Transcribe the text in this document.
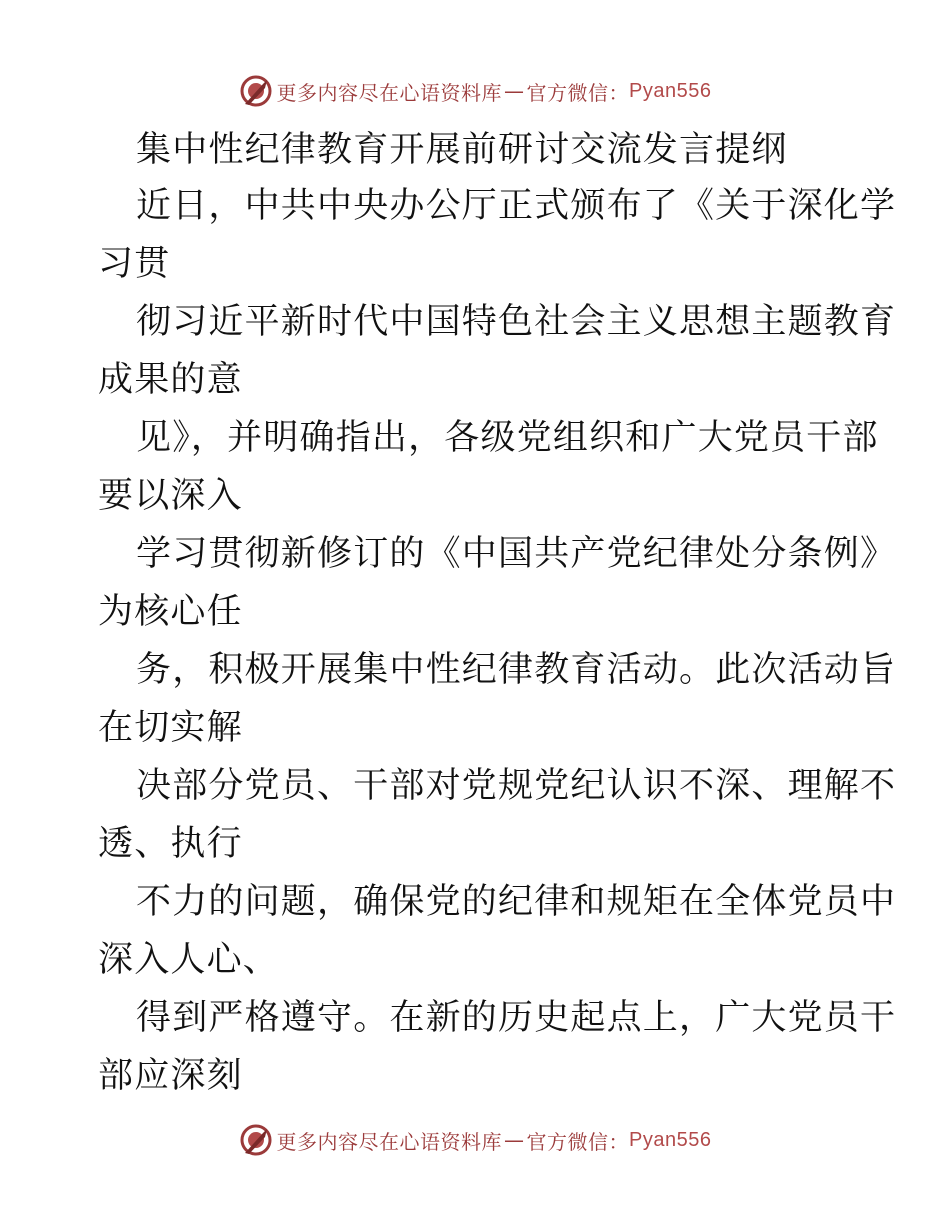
更多内容尽在心语资料库 — 官方微信： Pyan556
集中性纪律教育开展前研讨交流发言提纲
近日，中共中央办公厅正式颁布了《关于深化学
习贯
彻习近平新时代中国特色社会主义思想主题教育
成果的意
见》，并明确指出，各级党组织和广大党员干部
要以深入
学习贯彻新修订的《中国共产党纪律处分条例》
为核心任
务，积极开展集中性纪律教育活动。此次活动旨
在切实解
决部分党员、干部对党规党纪认识不深、理解不
透、执行
不力的问题，确保党的纪律和规矩在全体党员中
深入人心、
得到严格遵守。在新的历史起点上，广大党员干
部应深刻
更多内容尽在心语资料库 — 官方微信： Pyan556
